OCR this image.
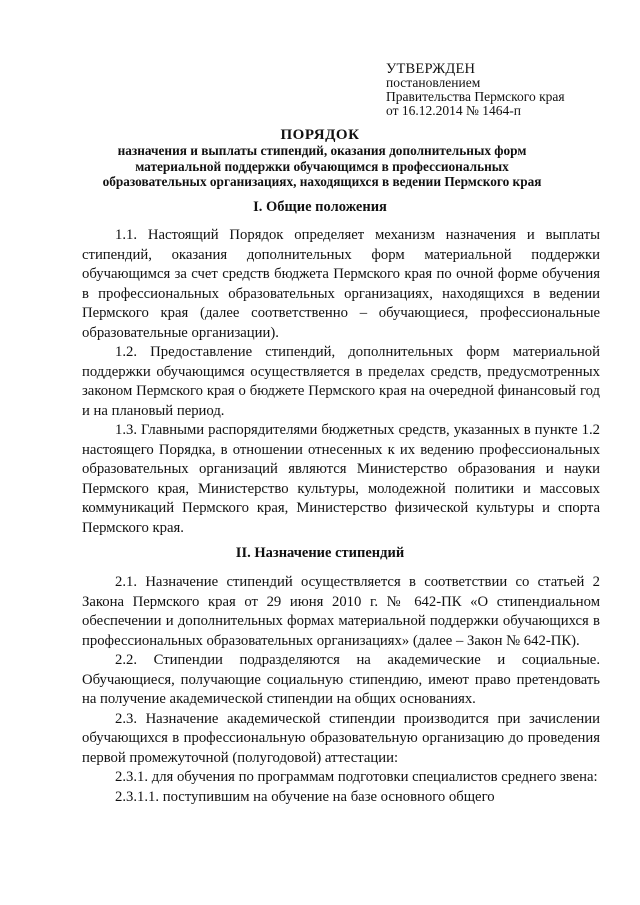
УТВЕРЖДЕН
постановлением
Правительства Пермского края
от 16.12.2014 № 1464-п
ПОРЯДОК
назначения и выплаты стипендий, оказания дополнительных форм материальной поддержки обучающимся в профессиональных образовательных организациях, находящихся в ведении Пермского края
I. Общие положения

1.1. Настоящий Порядок определяет механизм назначения и выплаты стипендий, оказания дополнительных форм материальной поддержки обучающимся за счет средств бюджета Пермского края по очной форме обучения в профессиональных образовательных организациях, находящихся в ведении Пермского края (далее соответственно – обучающиеся, профессиональные образовательные организации).

1.2. Предоставление стипендий, дополнительных форм материальной поддержки обучающимся осуществляется в пределах средств, предусмотренных законом Пермского края о бюджете Пермского края на очередной финансовый год и на плановый период.

1.3. Главными распорядителями бюджетных средств, указанных в пункте 1.2 настоящего Порядка, в отношении отнесенных к их ведению профессиональных образовательных организаций являются Министерство образования и науки Пермского края, Министерство культуры, молодежной политики и массовых коммуникаций Пермского края, Министерство физической культуры и спорта Пермского края.

II. Назначение стипендий

2.1. Назначение стипендий осуществляется в соответствии со статьей 2 Закона Пермского края от 29 июня 2010 г. № 642-ПК «О стипендиальном обеспечении и дополнительных формах материальной поддержки обучающихся в профессиональных образовательных организациях» (далее – Закон № 642-ПК).

2.2. Стипендии подразделяются на академические и социальные. Обучающиеся, получающие социальную стипендию, имеют право претендовать на получение академической стипендии на общих основаниях.

2.3. Назначение академической стипендии производится при зачислении обучающихся в профессиональную образовательную организацию до проведения первой промежуточной (полугодовой) аттестации:

2.3.1. для обучения по программам подготовки специалистов среднего звена:

2.3.1.1. поступившим на обучение на базе основного общего
